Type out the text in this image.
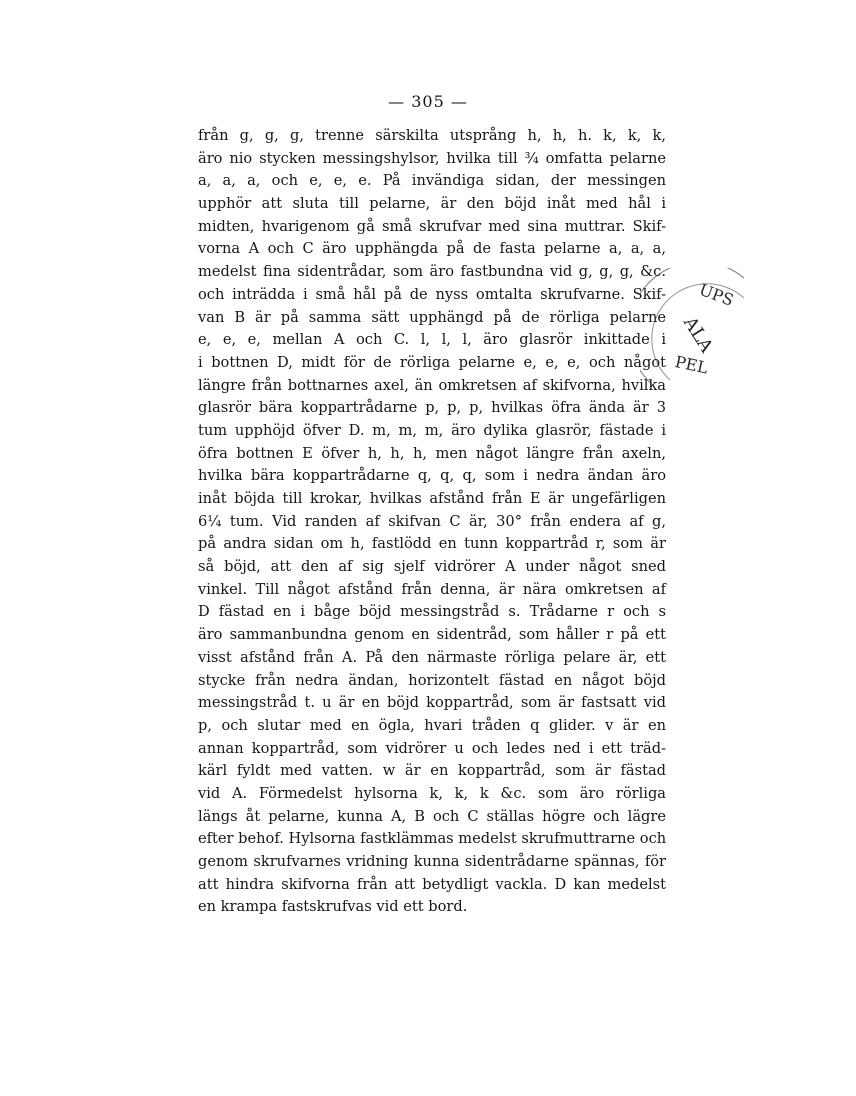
— 305 —
från g, g, g, trenne särskilta utsprång h, h, h. k, k, k,
äro nio stycken messingshylsor, hvilka till ¾ omfatta pelarne
a, a, a, och e, e, e. På invändiga sidan, der messingen
upphör att sluta till pelarne, är den böjd inåt med hål i
midten, hvarigenom gå små skrufvar med sina muttrar. Skif-
vorna A och C äro upphängda på de fasta pelarne a, a, a,
medelst fina sidentrådar, som äro fastbundna vid g, g, g, &c.
och inträdda i små hål på de nyss omtalta skrufvarne. Skif-
van B är på samma sätt upphängd på de rörliga pelarne
e, e, e, mellan A och C. l, l, l, äro glasrör inkittade i
i bottnen D, midt för de rörliga pelarne e, e, e, och något
längre från bottnarnes axel, än omkretsen af skifvorna, hvilka
glasrör bära koppartrådarne p, p, p, hvilkas öfra ända är 3
tum upphöjd öfver D. m, m, m, äro dylika glasrör, fästade i
öfra bottnen E öfver h, h, h, men något längre från axeln,
hvilka bära koppartrådarne q, q, q, som i nedra ändan äro
inåt böjda till krokar, hvilkas afstånd från E är ungefärligen
6¼ tum. Vid randen af skifvan C är, 30° från endera af g,
på andra sidan om h, fastlödd en tunn koppartråd r, som är
så böjd, att den af sig sjelf vidrörer A under något sned
vinkel. Till något afstånd från denna, är nära omkretsen af
D fästad en i båge böjd messingstråd s. Trådarne r och s
äro sammanbundna genom en sidentråd, som håller r på ett
visst afstånd från A. På den närmaste rörliga pelare är, ett
stycke från nedra ändan, horizontelt fästad en något böjd
messingstråd t. u är en böjd koppartråd, som är fastsatt vid
p, och slutar med en ögla, hvari tråden q glider. v är en
annan koppartråd, som vidrörer u och ledes ned i ett träd-
kärl fyldt med vatten. w är en koppartråd, som är fästad
vid A. Förmedelst hylsorna k, k, k &c. som äro rörliga
längs åt pelarne, kunna A, B och C ställas högre och lägre
efter behof. Hylsorna fastklämmas medelst skrufmuttrarne och
genom skrufvarnes vridning kunna sidentrådarne spännas, för
att hindra skifvorna från att betydligt vackla. D kan medelst
en krampa fastskrufvas vid ett bord.
UPS
ALA
PEL
